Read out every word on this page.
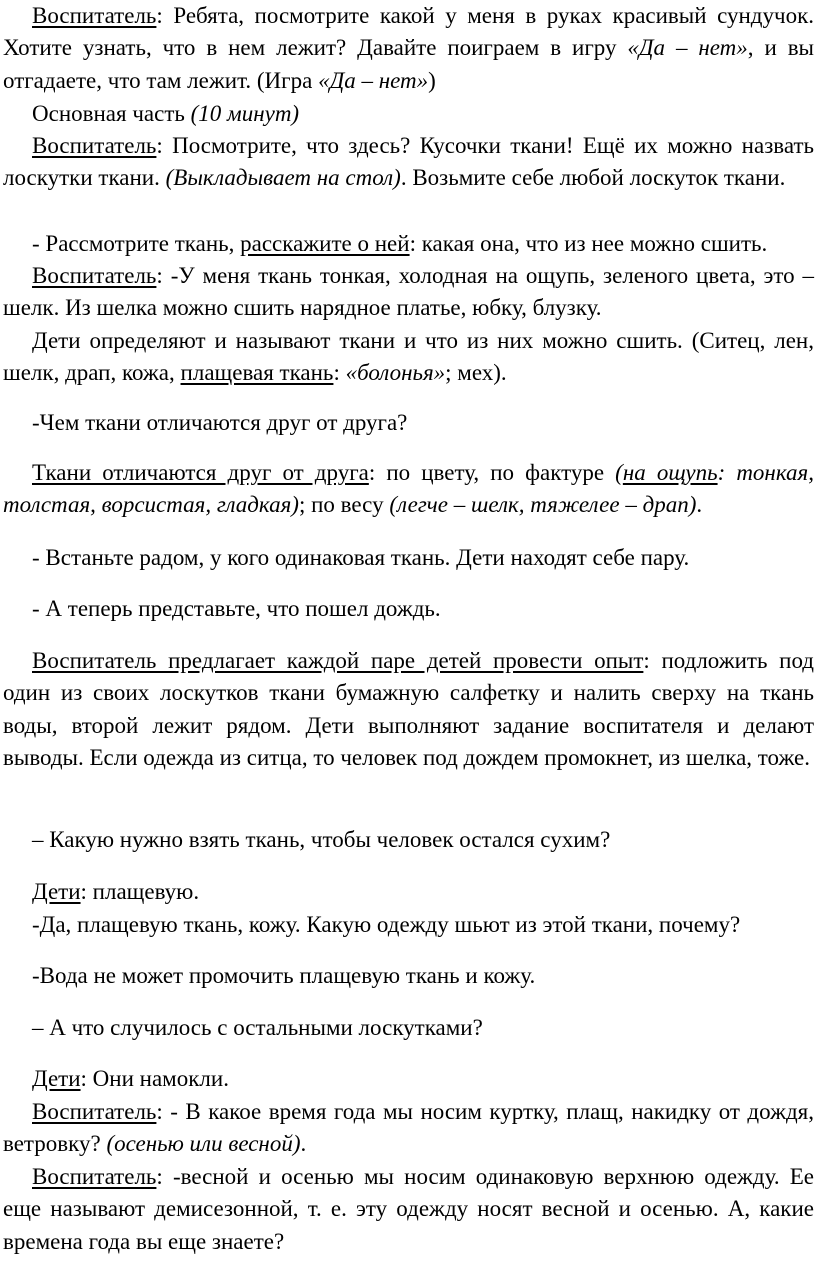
Воспитатель: Ребята, посмотрите какой у меня в руках красивый сундучок. Хотите узнать, что в нем лежит? Давайте поиграем в игру «Да – нет», и вы отгадаете, что там лежит. (Игра «Да – нет»)
Основная часть (10 минут)
Воспитатель: Посмотрите, что здесь? Кусочки ткани! Ещё их можно назвать лоскутки ткани. (Выкладывает на стол). Возьмите себе любой лоскуток ткани.
- Рассмотрите ткань, расскажите о ней: какая она, что из нее можно сшить.
Воспитатель: -У меня ткань тонкая, холодная на ощупь, зеленого цвета, это – шелк. Из шелка можно сшить нарядное платье, юбку, блузку.
Дети определяют и называют ткани и что из них можно сшить. (Ситец, лен, шелк, драп, кожа, плащевая ткань: «болонья»; мех).
-Чем ткани отличаются друг от друга?
Ткани отличаются друг от друга: по цвету, по фактуре (на ощупь: тонкая, толстая, ворсистая, гладкая); по весу (легче – шелк, тяжелее – драп).
- Встаньте радом, у кого одинаковая ткань. Дети находят себе пару.
- А теперь представьте, что пошел дождь.
Воспитатель предлагает каждой паре детей провести опыт: подложить под один из своих лоскутков ткани бумажную салфетку и налить сверху на ткань воды, второй лежит рядом. Дети выполняют задание воспитателя и делают выводы. Если одежда из ситца, то человек под дождем промокнет, из шелка, тоже.
– Какую нужно взять ткань, чтобы человек остался сухим?
Дети: плащевую.
-Да, плащевую ткань, кожу. Какую одежду шьют из этой ткани, почему?
-Вода не может промочить плащевую ткань и кожу.
– А что случилось с остальными лоскутками?
Дети: Они намокли.
Воспитатель: - В какое время года мы носим куртку, плащ, накидку от дождя, ветровку? (осенью или весной).
Воспитатель: -весной и осенью мы носим одинаковую верхнюю одежду. Ее еще называют демисезонной, т. е. эту одежду носят весной и осенью. А, какие времена года вы еще знаете?
